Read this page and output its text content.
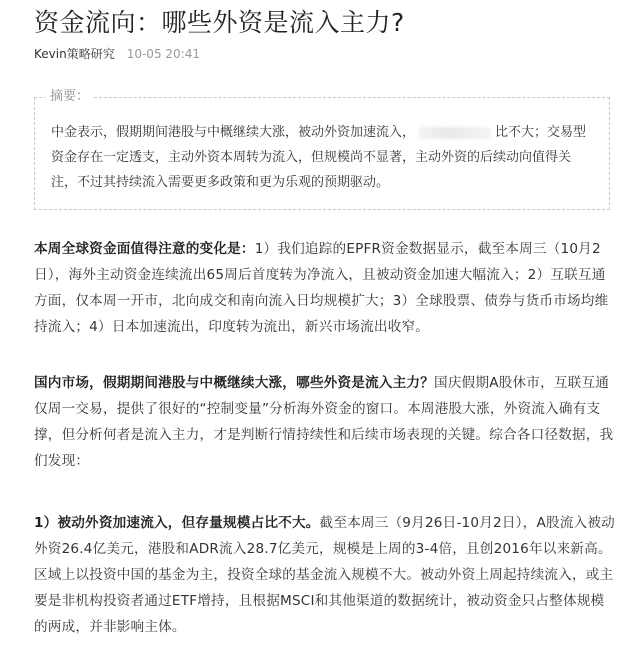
资金流向：哪些外资是流入主力?
Kevin策略研究 10-05 20:41
摘要：
中金表示，假期期间港股与中概继续大涨，被动外资加速流入，	比不大；交易型资金存在一定透支，主动外资本周转为流入，但规模尚不显著，主动外资的后续动向值得关注，不过其持续流入需要更多政策和更为乐观的预期驱动。

本周全球资金面值得注意的变化是：1）我们追踪的EPFR资金数据显示，截至本周三（10月2日），海外主动资金连续流出65周后首度转为净流入，且被动资金加速大幅流入；2）互联互通方面，仅本周一开市，北向成交和南向流入日均规模扩大；3）全球股票、债券与货币市场均维持流入；4）日本加速流出，印度转为流出，新兴市场流出收窄。

国内市场，假期期间港股与中概继续大涨，哪些外资是流入主力？国庆假期A股休市，互联互通仅周一交易，提供了很好的“控制变量”分析海外资金的窗口。本周港股大涨，外资流入确有支撑，但分析何者是流入主力，才是判断行情持续性和后续市场表现的关键。综合各口径数据，我们发现：

1）被动外资加速流入，但存量规模占比不大。截至本周三（9月26日-10月2日），A股流入被动外资26.4亿美元，港股和ADR流入28.7亿美元，规模是上周的3-4倍，且创2016年以来新高。区域上以投资中国的基金为主，投资全球的基金流入规模不大。被动外资上周起持续流入，或主要是非机构投资者通过ETF增持，且根据MSCI和其他渠道的数据统计，被动资金只占整体规模的两成，并非影响主体。
